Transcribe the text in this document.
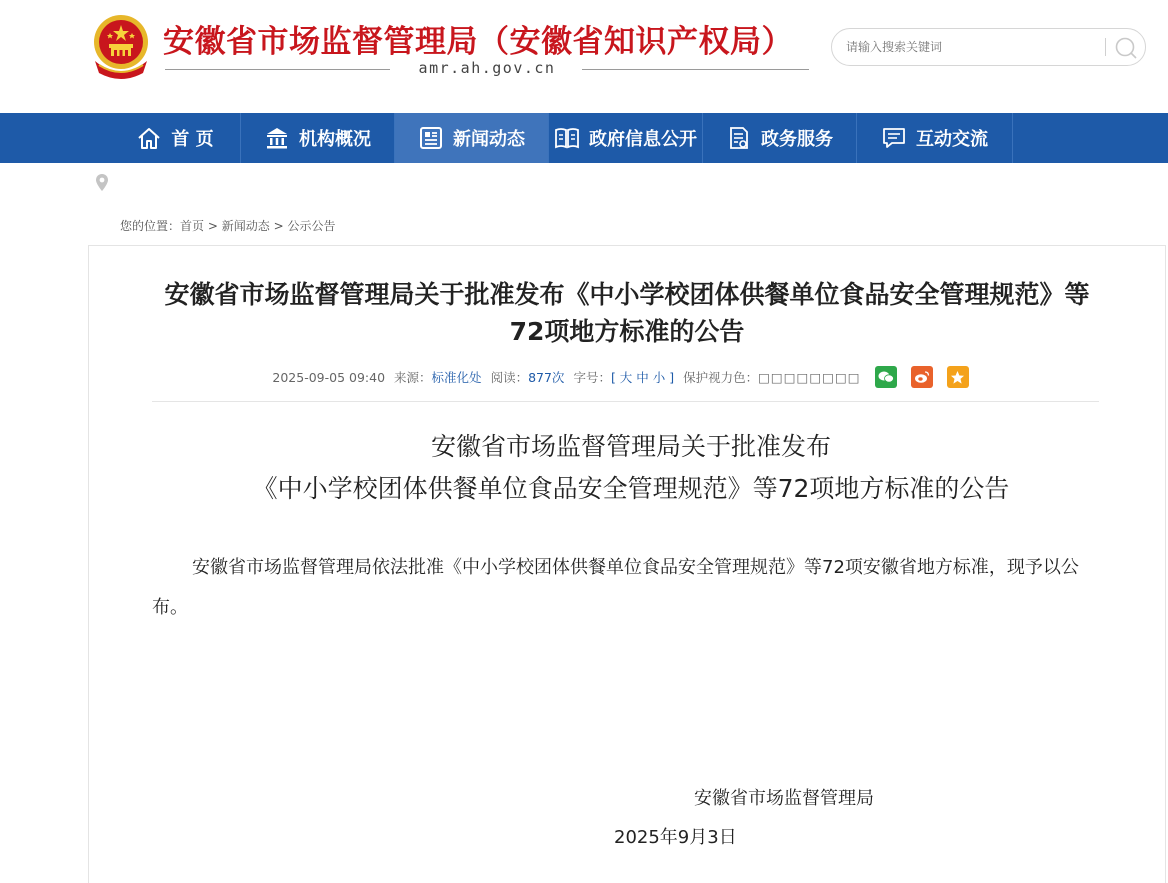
安徽省市场监督管理局（安徽省知识产权局）
amr.ah.gov.cn
请输入搜索关键词
首 页	机构概况	新闻动态	政府信息公开	政务服务	互动交流
您的位置：首页 > 新闻动态 > 公示公告
安徽省市场监督管理局关于批准发布《中小学校团体供餐单位食品安全管理规范》等72项地方标准的公告
2025-09-05 09:40 来源：标准化处 阅读：877次 字号：[ 大 中 小 ] 保护视力色：□□□□□□□□
安徽省市场监督管理局关于批准发布
《中小学校团体供餐单位食品安全管理规范》等72项地方标准的公告
安徽省市场监督管理局依法批准《中小学校团体供餐单位食品安全管理规范》等72项安徽省地方标准，现予以公布。
安徽省市场监督管理局
2025年9月3日
